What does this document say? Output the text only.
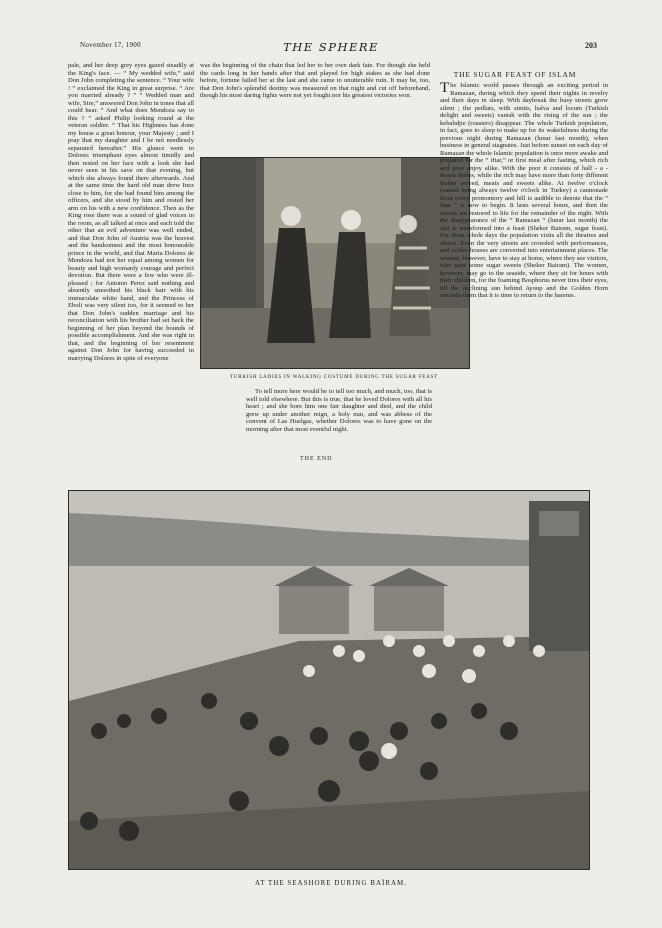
November 17, 1900	THE SPHERE	203

pale, and her deep grey eyes gazed steadily at the King's face. — “ My wedded wife,” said Don John completing the sentence. “ Your wife ! ” exclaimed the King in great surprise. “ Are you married already ? ” “ Wedded man and wife, Sire,” answered Don John in tones that all could hear. “ And what does Mendoza say to this ? ” asked Philip looking round at the veteran soldier. “ That his Highness has done my house a great honour, your Majesty ; and I pray that my daughter and I be not needlessly separated hereafter.” His glance went to Dolores triumphant eyes almost timidly and then rested on her face with a look she had never seen in his save on that evening, but which she always found there afterwards. And at the same time the hard old man drew Inez close to him, for she had found him among the officers, and she stood by him and rested her arm on his with a new confidence. Then as the King rose there was a sound of glad voices in the room, as all talked at once and each told the other that an evil adventure was well ended, and that Don John of Austria was the bravest and the handsomest and the most honourable prince in the world, and that Maria Dolores de Mendoza had not her equal among women for beauty and high womanly courage and perfect devotion. But there were a few who were ill-pleased ; for Antonio Perez said nothing and absently smoothed his black hair with his immaculate white hand, and the Princess of Eboli was very silent too, for it seemed to her that Don John's sudden marriage and his reconciliation with his brother had set back the beginning of her plan beyond the bounds of possible accomplishment. And she was right in that, and the beginning of her resentment against Don John for having succeeded in marrying Dolores in spite of everyone

was the beginning of the chain that led her to her own dark fate. For though she held the cards long in her hands after that and played for high stakes as she had done before, fortune failed her at the last and she came to unutterable ruin. It may be, too, that Don John's splendid destiny was measured on that night and cut off beforehand, though his most daring fights were not yet fought nor his greatest victories won.

TURKISH LADIES IN WALKING COSTUME DURING THE SUGAR FEAST

To tell more here would be to tell too much, and much, too, that is well told elsewhere. But this is true, that he loved Dolores with all his heart ; and she bore him one fair daughter and died, and the child grew up under another reign, a holy nun, and was abbess of the convent of Las Huelgas, whether Dolores was to have gone on the morning after that most eventful night.

THE END
THE SUGAR FEAST OF ISLAM
The Islamic world passes through an exciting period in Ramazan, during which they spend their nights in revelry and their days in sleep. With daybreak the busy streets grow silent ; the pedlars, with simits, halva and locum (Turkish delight and sweets) vanish with the rising of the sun ; the kebabdjie (roasters) disappear. The whole Turkish population, in fact, goes to sleep to make up for its wakefulness during the previous night during Ramazan (lunar fast month), when business in general stagnates. Just before sunset on each day of Ramazan the whole Islamic population is once more awake and prepared for the “ iftar,” or first meal after fasting, which rich and poor enjoy alike. With the poor it consists of half - a - dozen dishes, while the rich may have more than forty different dishes served, meats and sweets alike. At twelve o'clock (sunset being always twelve o'clock in Turkey) a cannonade from every promontory and hill is audible to denote that the “ iftar ” is now to begin. It lasts several hours, and then the streets are restored to life for the remainder of the night. With the disappearance of the “ Ramazan ” (lunar last month) the fast is transformed into a feast (Sheker Bairam, sugar feast). For three whole days the population visits all the theatres and shows. Even the very streets are crowded with performances, and coffee-houses are converted into entertainment places. The women, however, have to stay at home, where they see visitors, who taste some sugar sweets (Sheker Bairam). The women, however, may go to the seaside, where they sit for hours with their children, for the foaming Bosphorus never tires their eyes, till the declining sun behind Ayoup and the Golden Horn reminds them that it is time to return to the harems.
AT THE SEASHORE DURING BAÏRAM.
